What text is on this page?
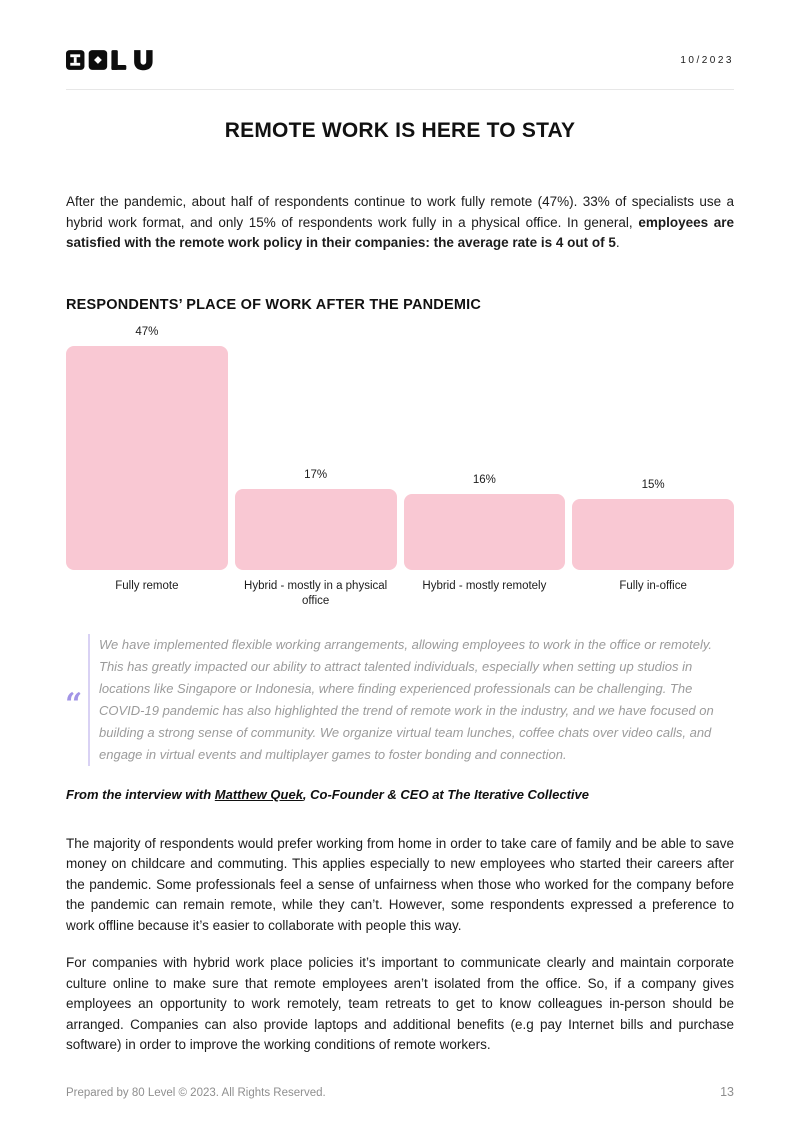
10/2023
REMOTE WORK IS HERE TO STAY

After the pandemic, about half of respondents continue to work fully remote (47%). 33% of specialists use a hybrid work format, and only 15% of respondents work fully in a physical office. In general, employees are satisfied with the remote work policy in their companies: the average rate is 4 out of 5.

RESPONDENTS’ PLACE OF WORK AFTER THE PANDEMIC
47%
Fully remote
17%
Hybrid - mostly in a physical office
16%
Hybrid - mostly remotely
15%
Fully in-office
“

We have implemented flexible working arrangements, allowing employees to work in the office or remotely. This has greatly impacted our ability to attract talented individuals, especially when setting up studios in locations like Singapore or Indonesia, where finding experienced professionals can be challenging. The COVID-19 pandemic has also highlighted the trend of remote work in the industry, and we have focused on building a strong sense of community. We organize virtual team lunches, coffee chats over video calls, and engage in virtual events and multiplayer games to foster bonding and connection.

From the interview with Matthew Quek, Co-Founder & CEO at The Iterative Collective

The majority of respondents would prefer working from home in order to take care of family and be able to save money on childcare and commuting. This applies especially to new employees who started their careers after the pandemic. Some professionals feel a sense of unfairness when those who worked for the company before the pandemic can remain remote, while they can’t. However, some respondents expressed a preference to work offline because it’s easier to collaborate with people this way.

For companies with hybrid work place policies it’s important to communicate clearly and maintain corporate culture online to make sure that remote employees aren’t isolated from the office. So, if a company gives employees an opportunity to work remotely, team retreats to get to know colleagues in-person should be arranged. Companies can also provide laptops and additional benefits (e.g pay Internet bills and purchase software) in order to improve the working conditions of remote workers.

Prepared by 80 Level © 2023. All Rights Reserved.	13
